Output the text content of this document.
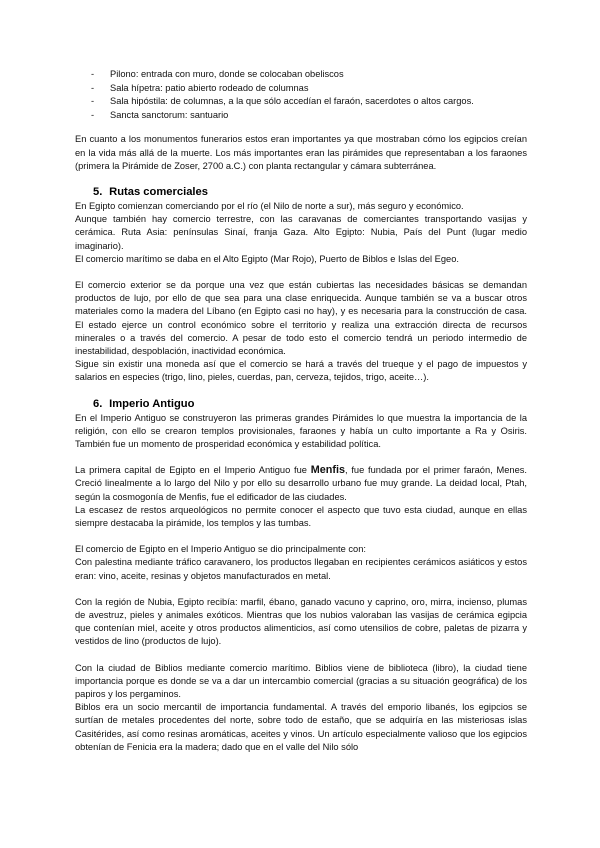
- Pilono: entrada con muro, donde se colocaban obeliscos
- Sala hípetra: patio abierto rodeado de columnas
- Sala hipóstila: de columnas, a la que sólo accedían el faraón, sacerdotes o altos cargos.
- Sancta sanctorum: santuario

En cuanto a los monumentos funerarios estos eran importantes ya que mostraban cómo los egipcios creían en la vida más allá de la muerte. Los más importantes eran las pirámides que representaban a los faraones (primera la Pirámide de Zoser, 2700 a.C.) con planta rectangular y cámara subterránea.

5. Rutas comerciales

En Egipto comienzan comerciando por el río (el Nilo de norte a sur), más seguro y económico.

Aunque también hay comercio terrestre, con las caravanas de comerciantes transportando vasijas y cerámica. Ruta Asia: penínsulas Sinaí, franja Gaza. Alto Egipto: Nubia, País del Punt (lugar medio imaginario).

El comercio marítimo se daba en el Alto Egipto (Mar Rojo), Puerto de Biblos e Islas del Egeo.

El comercio exterior se da porque una vez que están cubiertas las necesidades básicas se demandan productos de lujo, por ello de que sea para una clase enriquecida. Aunque también se va a buscar otros materiales como la madera del Líbano (en Egipto casi no hay), y es necesaria para la construcción de casa. El estado ejerce un control económico sobre el territorio y realiza una extracción directa de recursos minerales o a través del comercio. A pesar de todo esto el comercio tendrá un periodo intermedio de inestabilidad, despoblación, inactividad económica.

Sigue sin existir una moneda así que el comercio se hará a través del trueque y el pago de impuestos y salarios en especies (trigo, lino, pieles, cuerdas, pan, cerveza, tejidos, trigo, aceite…).

6. Imperio Antiguo

En el Imperio Antiguo se construyeron las primeras grandes Pirámides lo que muestra la importancia de la religión, con ello se crearon templos provisionales, faraones y había un culto importante a Ra y Osiris. También fue un momento de prosperidad económica y estabilidad política.

La primera capital de Egipto en el Imperio Antiguo fue Menfis, fue fundada por el primer faraón, Menes. Creció linealmente a lo largo del Nilo y por ello su desarrollo urbano fue muy grande. La deidad local, Ptah, según la cosmogonía de Menfis, fue el edificador de las ciudades.

La escasez de restos arqueológicos no permite conocer el aspecto que tuvo esta ciudad, aunque en ellas siempre destacaba la pirámide, los templos y las tumbas.

El comercio de Egipto en el Imperio Antiguo se dio principalmente con:

Con palestina mediante tráfico caravanero, los productos llegaban en recipientes cerámicos asiáticos y estos eran: vino, aceite, resinas y objetos manufacturados en metal.

Con la región de Nubia, Egipto recibía: marfil, ébano, ganado vacuno y caprino, oro, mirra, incienso, plumas de avestruz, pieles y animales exóticos. Mientras que los nubios valoraban las vasijas de cerámica egipcia que contenían miel, aceite y otros productos alimenticios, así como utensilios de cobre, paletas de pizarra y vestidos de lino (productos de lujo).

Con la ciudad de Biblios mediante comercio marítimo. Biblios viene de biblioteca (libro), la ciudad tiene importancia porque es donde se va a dar un intercambio comercial (gracias a su situación geográfica) de los papiros y los pergaminos.

Biblos era un socio mercantil de importancia fundamental. A través del emporio libanés, los egipcios se surtían de metales procedentes del norte, sobre todo de estaño, que se adquiría en las misteriosas islas Casitérides, así como resinas aromáticas, aceites y vinos. Un artículo especialmente valioso que los egipcios obtenían de Fenicia era la madera; dado que en el valle del Nilo sólo
